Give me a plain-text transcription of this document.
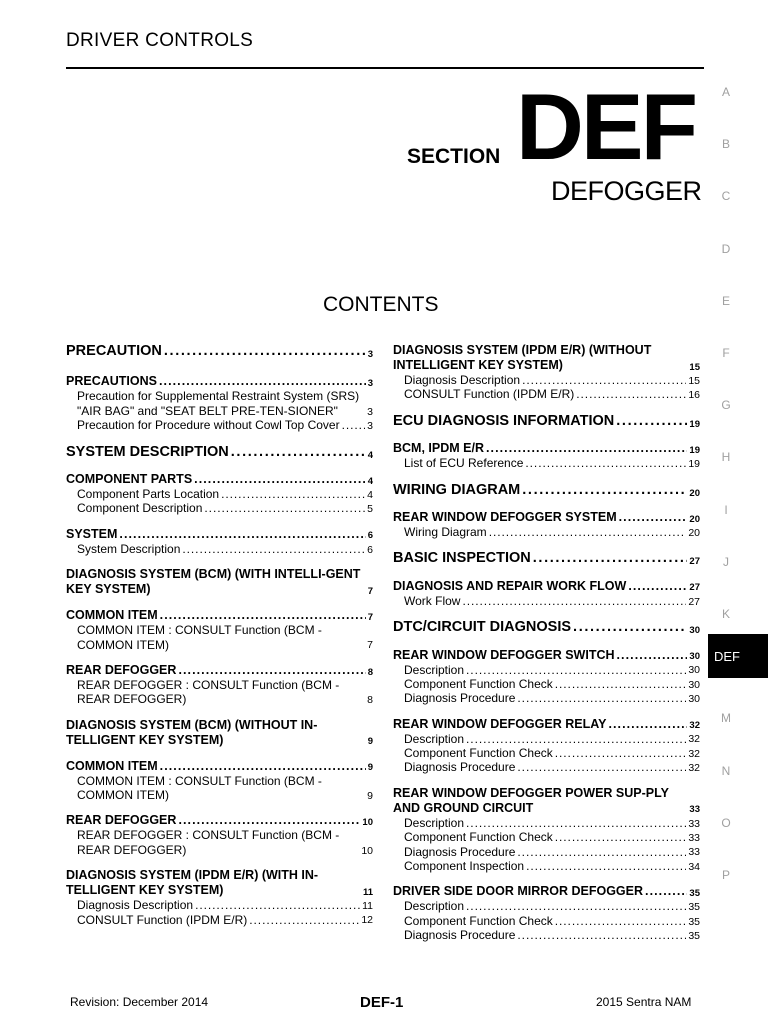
DRIVER CONTROLS
SECTION DEF
DEFOGGER
CONTENTS
PRECAUTION . . .	3
PRECAUTIONS . . .	3
Precaution for Supplemental Restraint System (SRS) "AIR BAG" and "SEAT BELT PRE-TEN-SIONER"	3
Precaution for Procedure without Cowl Top Cover . . .	3
SYSTEM DESCRIPTION . . .	4
COMPONENT PARTS . . .	4
Component Parts Location . . .	4
Component Description . . .	5
SYSTEM . . .	6
System Description . . .	6
DIAGNOSIS SYSTEM (BCM) (WITH INTELLI-GENT KEY SYSTEM)	7
COMMON ITEM . . .	7
COMMON ITEM : CONSULT Function (BCM - COMMON ITEM)	7
REAR DEFOGGER . . .	8
REAR DEFOGGER : CONSULT Function (BCM - REAR DEFOGGER)	8
DIAGNOSIS SYSTEM (BCM) (WITHOUT IN-TELLIGENT KEY SYSTEM)	9
COMMON ITEM . . .	9
COMMON ITEM : CONSULT Function (BCM - COMMON ITEM)	9
REAR DEFOGGER . . .	10
REAR DEFOGGER : CONSULT Function (BCM - REAR DEFOGGER)	10
DIAGNOSIS SYSTEM (IPDM E/R) (WITH IN-TELLIGENT KEY SYSTEM)	11
Diagnosis Description . . .	11
CONSULT Function (IPDM E/R) . . .	12
DIAGNOSIS SYSTEM (IPDM E/R) (WITHOUT INTELLIGENT KEY SYSTEM)	15
Diagnosis Description . . .	15
CONSULT Function (IPDM E/R) . . .	16
ECU DIAGNOSIS INFORMATION . . .	19
BCM, IPDM E/R . . .	19
List of ECU Reference . . .	19
WIRING DIAGRAM . . .	20
REAR WINDOW DEFOGGER SYSTEM . . .	20
Wiring Diagram . . .	20
BASIC INSPECTION . . .	27
DIAGNOSIS AND REPAIR WORK FLOW . . .	27
Work Flow . . .	27
DTC/CIRCUIT DIAGNOSIS . . .	30
REAR WINDOW DEFOGGER SWITCH . . .	30
Description . . .	30
Component Function Check . . .	30
Diagnosis Procedure . . .	30
REAR WINDOW DEFOGGER RELAY . . .	32
Description . . .	32
Component Function Check . . .	32
Diagnosis Procedure . . .	32
REAR WINDOW DEFOGGER POWER SUP-PLY AND GROUND CIRCUIT	33
Description . . .	33
Component Function Check . . .	33
Diagnosis Procedure . . .	33
Component Inspection . . .	34
DRIVER SIDE DOOR MIRROR DEFOGGER . . .	35
Description . . .	35
Component Function Check . . .	35
Diagnosis Procedure . . .	35
A
B
C
D
E
F
G
H
I
J
K
M
N
O
P
DEF
Revision: December 2014	DEF-1	2015 Sentra NAM
